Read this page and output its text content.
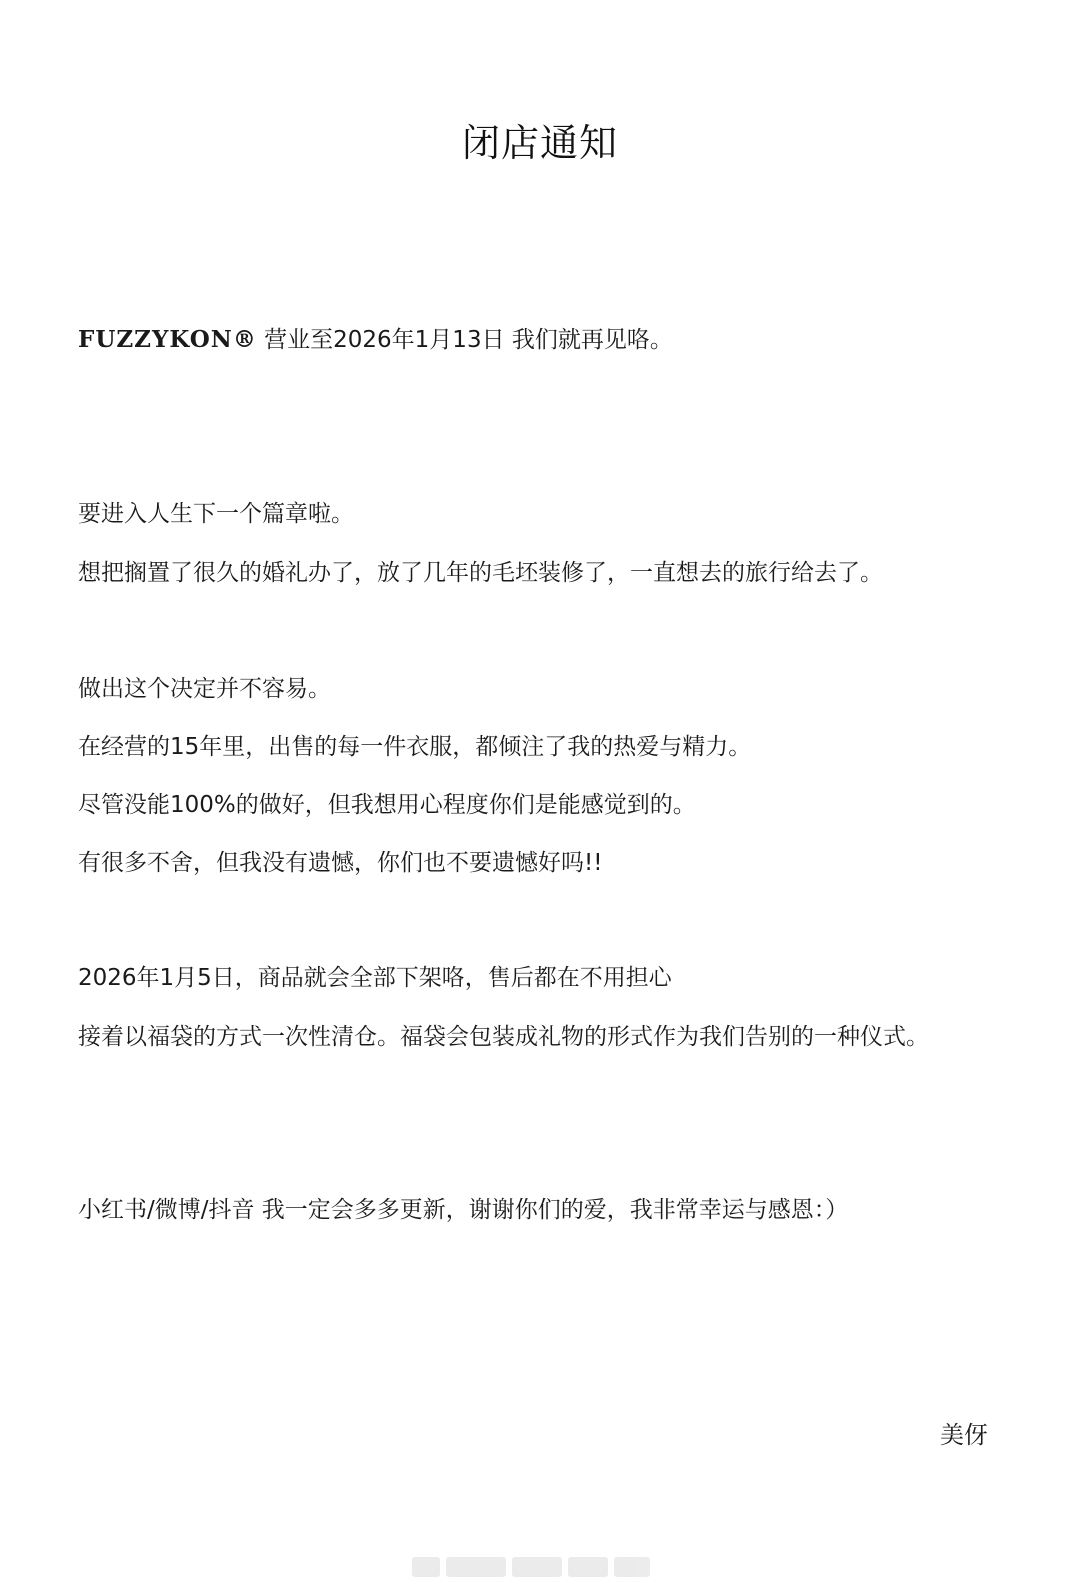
闭店通知
FUZZYKON® 营业至2026年1月13日 我们就再见咯。
要进入人生下一个篇章啦。
想把搁置了很久的婚礼办了，放了几年的毛坯装修了，一直想去的旅行给去了。
做出这个决定并不容易。
在经营的15年里，出售的每一件衣服，都倾注了我的热爱与精力。
尽管没能100%的做好，但我想用心程度你们是能感觉到的。
有很多不舍，但我没有遗憾，你们也不要遗憾好吗!!
2026年1月5日，商品就会全部下架咯，售后都在不用担心
接着以福袋的方式一次性清仓。福袋会包装成礼物的形式作为我们告别的一种仪式。
小红书/微博/抖音 我一定会多多更新，谢谢你们的爱，我非常幸运与感恩：）
美伢
